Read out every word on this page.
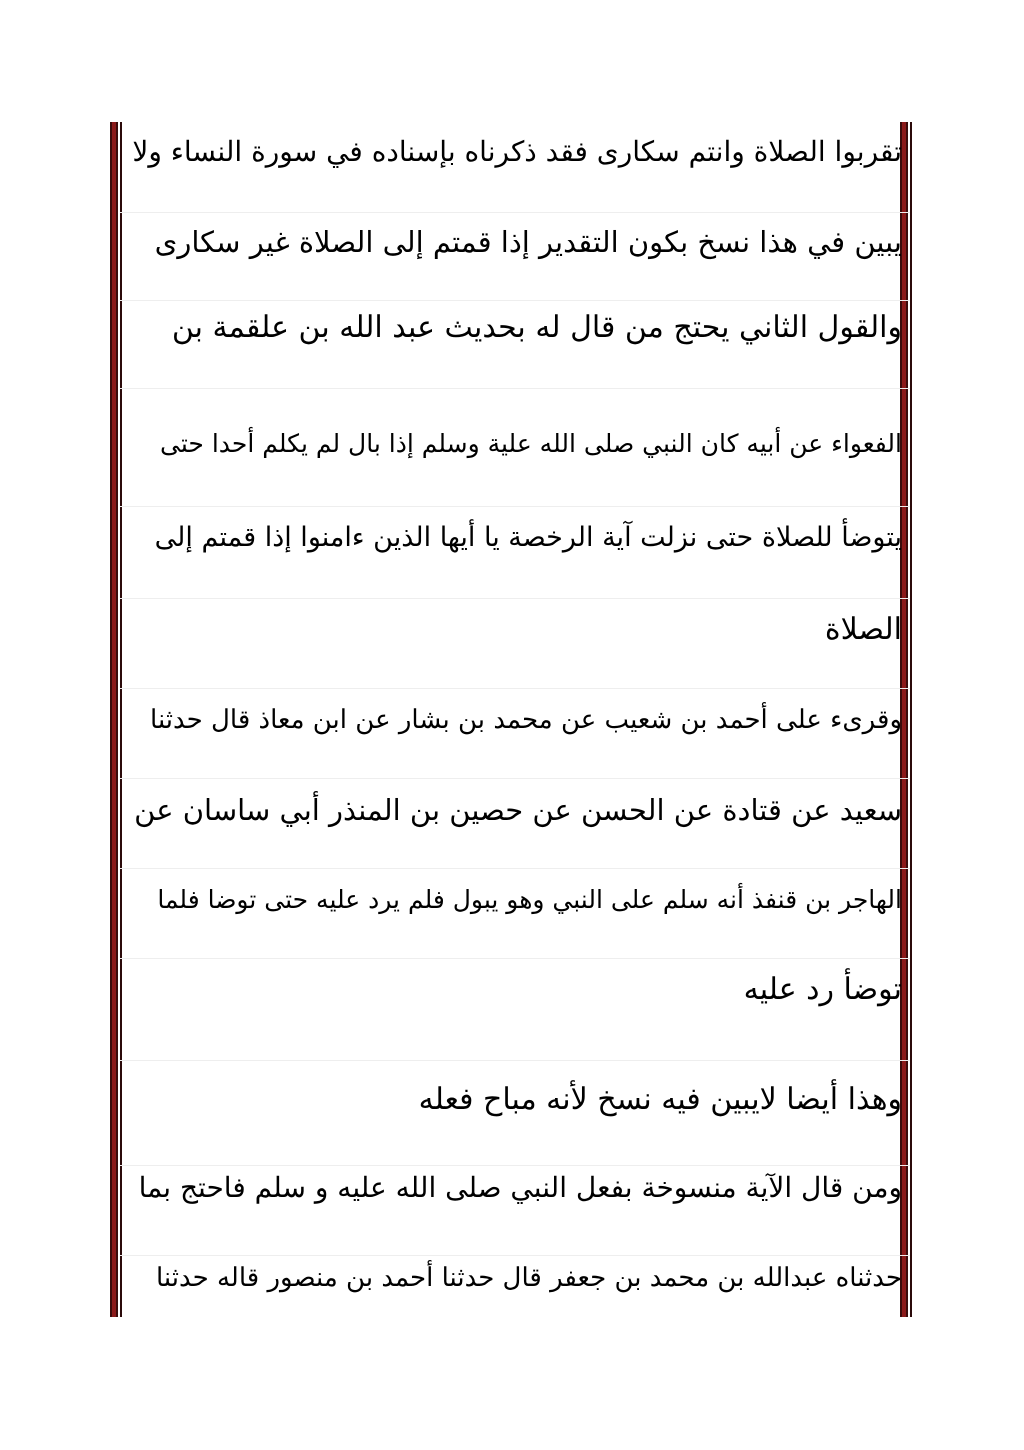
تقربوا الصلاة وانتم سكارى فقد ذكرناه بإسناده في سورة النساء ولا
يبين في هذا نسخ بكون التقدير إذا قمتم إلى الصلاة غير سكارى
والقول الثاني يحتج من قال له بحديث عبد الله بن علقمة بن
الفعواء عن أبيه كان النبي صلى الله علية وسلم إذا بال لم يكلم أحدا حتى
يتوضأ للصلاة حتى نزلت آية الرخصة يا أيها الذين ءامنوا إذا قمتم إلى
الصلاة
وقرىء على أحمد بن شعيب عن محمد بن بشار عن ابن معاذ قال حدثنا
سعيد عن قتادة عن الحسن عن حصين بن المنذر أبي ساسان عن
الهاجر بن قنفذ أنه سلم على النبي وهو يبول فلم يرد عليه حتى توضا فلما
توضأ رد عليه
وهذا أيضا لايبين فيه نسخ لأنه مباح فعله
ومن قال الآية منسوخة بفعل النبي صلى الله عليه و سلم فاحتج بما
حدثناه عبدالله بن محمد بن جعفر قال حدثنا أحمد بن منصور قاله حدثنا
